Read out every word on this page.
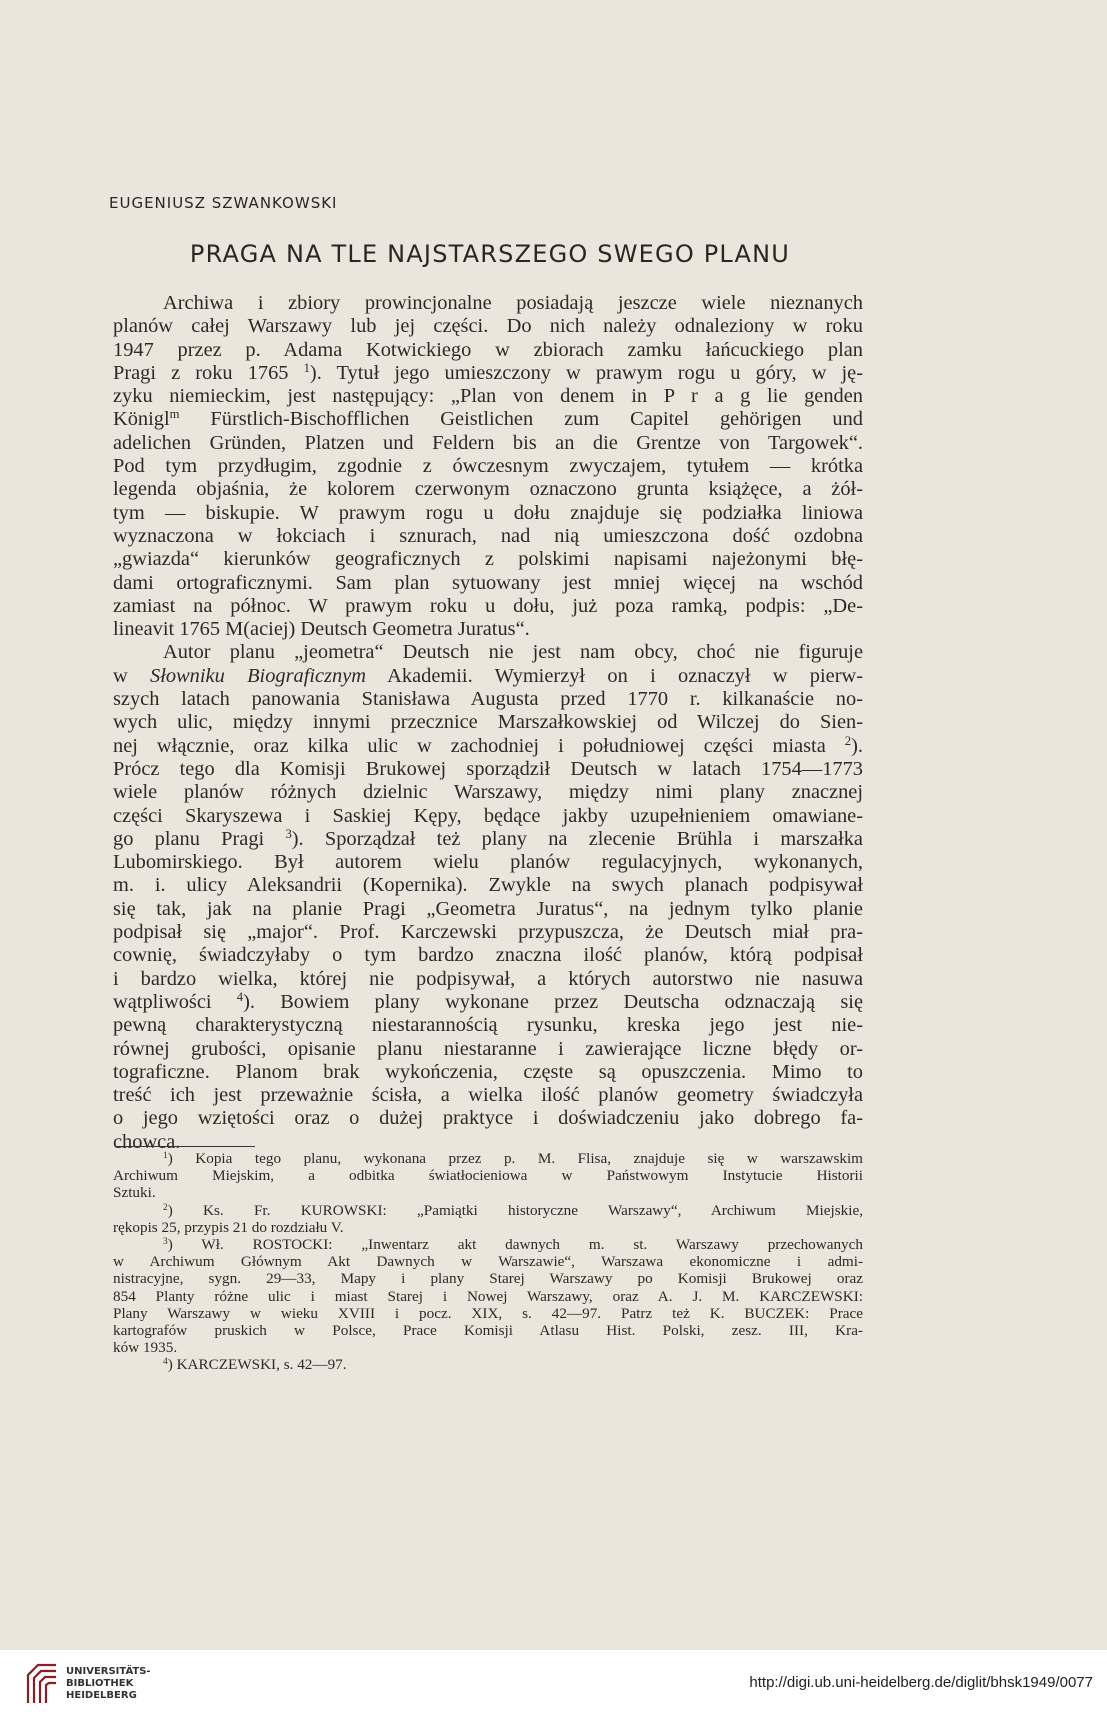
EUGENIUSZ SZWANKOWSKI
PRAGA NA TLE NAJSTARSZEGO SWEGO PLANU
Archiwa i zbiory prowincjonalne posiadają jeszcze wiele nieznanych
planów całej Warszawy lub jej części. Do nich należy odnaleziony w roku
1947 przez p. Adama Kotwickiego w zbiorach zamku łańcuckiego plan
Pragi z roku 1765 $^1$). Tytuł jego umieszczony w prawym rogu u góry, w ję-
zyku niemieckim, jest następujący: „Plan von denem in P r a g lie genden
Königl$^m$ Fürstlich-Bischofflichen Geistlichen zum Capitel gehörigen und
adelichen Gründen, Platzen und Feldern bis an die Grentze von Targowek“.
Pod tym przydługim, zgodnie z ówczesnym zwyczajem, tytułem — krótka
legenda objaśnia, że kolorem czerwonym oznaczono grunta książęce, a żół-
tym — biskupie. W prawym rogu u dołu znajduje się podziałka liniowa
wyznaczona w łokciach i sznurach, nad nią umieszczona dość ozdobna
„gwiazda“ kierunków geograficznych z polskimi napisami najeżonymi błę-
dami ortograficznymi. Sam plan sytuowany jest mniej więcej na wschód
zamiast na północ. W prawym roku u dołu, już poza ramką, podpis: „De-
lineavit 1765 M(aciej) Deutsch Geometra Juratus“.
Autor planu „jeometra“ Deutsch nie jest nam obcy, choć nie figuruje
w Słowniku Biograficznym Akademii. Wymierzył on i oznaczył w pierw-
szych latach panowania Stanisława Augusta przed 1770 r. kilkanaście no-
wych ulic, między innymi przecznice Marszałkowskiej od Wilczej do Sien-
nej włącznie, oraz kilka ulic w zachodniej i południowej części miasta $^2$).
Prócz tego dla Komisji Brukowej sporządził Deutsch w latach 1754—1773
wiele planów różnych dzielnic Warszawy, między nimi plany znacznej
części Skaryszewa i Saskiej Kępy, będące jakby uzupełnieniem omawiane-
go planu Pragi $^3$). Sporządzał też plany na zlecenie Brühla i marszałka
Lubomirskiego. Był autorem wielu planów regulacyjnych, wykonanych,
m. i. ulicy Aleksandrii (Kopernika). Zwykle na swych planach podpisywał
się tak, jak na planie Pragi „Geometra Juratus“, na jednym tylko planie
podpisał się „major“. Prof. Karczewski przypuszcza, że Deutsch miał pra-
cownię, świadczyłaby o tym bardzo znaczna ilość planów, którą podpisał
i bardzo wielka, której nie podpisywał, a których autorstwo nie nasuwa
wątpliwości $^4$). Bowiem plany wykonane przez Deutscha odznaczają się
pewną charakterystyczną niestarannością rysunku, kreska jego jest nie-
równej grubości, opisanie planu niestaranne i zawierające liczne błędy or-
tograficzne. Planom brak wykończenia, częste są opuszczenia. Mimo to
treść ich jest przeważnie ścisła, a wielka ilość planów geometry świadczyła
o jego wziętości oraz o dużej praktyce i doświadczeniu jako dobrego fa-
chowca.
$^1$) Kopia tego planu, wykonana przez p. M. Flisa, znajduje się w warszawskim
Archiwum Miejskim, a odbitka światłocieniowa w Państwowym Instytucie Historii
Sztuki.
$^2$) Ks. Fr. KUROWSKI: „Pamiątki historyczne Warszawy“, Archiwum Miejskie,
rękopis 25, przypis 21 do rozdziału V.
$^3$) Wł. ROSTOCKI: „Inwentarz akt dawnych m. st. Warszawy przechowanych
w Archiwum Głównym Akt Dawnych w Warszawie“, Warszawa ekonomiczne i admi-
nistracyjne, sygn. 29—33, Mapy i plany Starej Warszawy po Komisji Brukowej oraz
854 Planty różne ulic i miast Starej i Nowej Warszawy, oraz A. J. M. KARCZEWSKI:
Plany Warszawy w wieku XVIII i pocz. XIX, s. 42—97. Patrz też K. BUCZEK: Prace
kartografów pruskich w Polsce, Prace Komisji Atlasu Hist. Polski, zesz. III, Kra-
ków 1935.
$^4$) KARCZEWSKI, s. 42—97.
UNIVERSITÄTS-
BIBLIOTHEK
HEIDELBERG
http://digi.ub.uni-heidelberg.de/diglit/bhsk1949/0077
